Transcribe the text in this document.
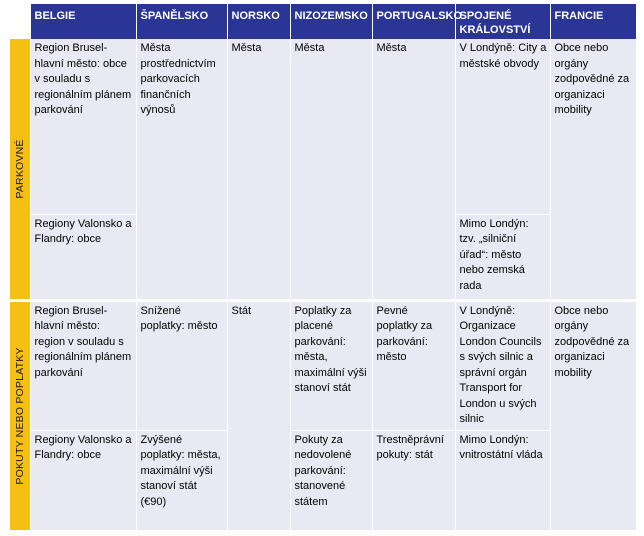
	BELGIE	ŠPANĚLSKO	NORSKO	NIZOZEMSKO	PORTUGALSKO	SPOJENÉ KRÁLOVSTVÍ	FRANCIE

PARKOVNÉ	Region Brusel-hlavní město: obce v souladu s regionálním plánem parkování	Města prostřednictvím parkovacích finančních výnosů	Města	Města	Města	V Londýně: City a městské obvody	Obce nebo orgány zodpovědné za organizaci mobility
	Regiony Valonsko a Flandry: obce					Mimo Londýn: tzv. „silniční úřad“: město nebo zemská rada	

POKUTY NEBO POPLATKY	Region Brusel-hlavní město: region v souladu s regionálním plánem parkování	Snížené poplatky: město	Stát	Poplatky za placené parkování: města, maximální výši stanoví stát	Pevné poplatky za parkování: město	V Londýně: Organizace London Councils s svých silnic a správní orgán Transport for London u svých silnic	Obce nebo orgány zodpovědné za organizaci mobility
	Regiony Valonsko a Flandry: obce	Zvýšené poplatky: města, maximální výši stanoví stát (€90)		Pokuty za nedovolené parkování: stanovené státem	Trestněprávní pokuty: stát	Mimo Londýn: vnitrostátní vláda	
